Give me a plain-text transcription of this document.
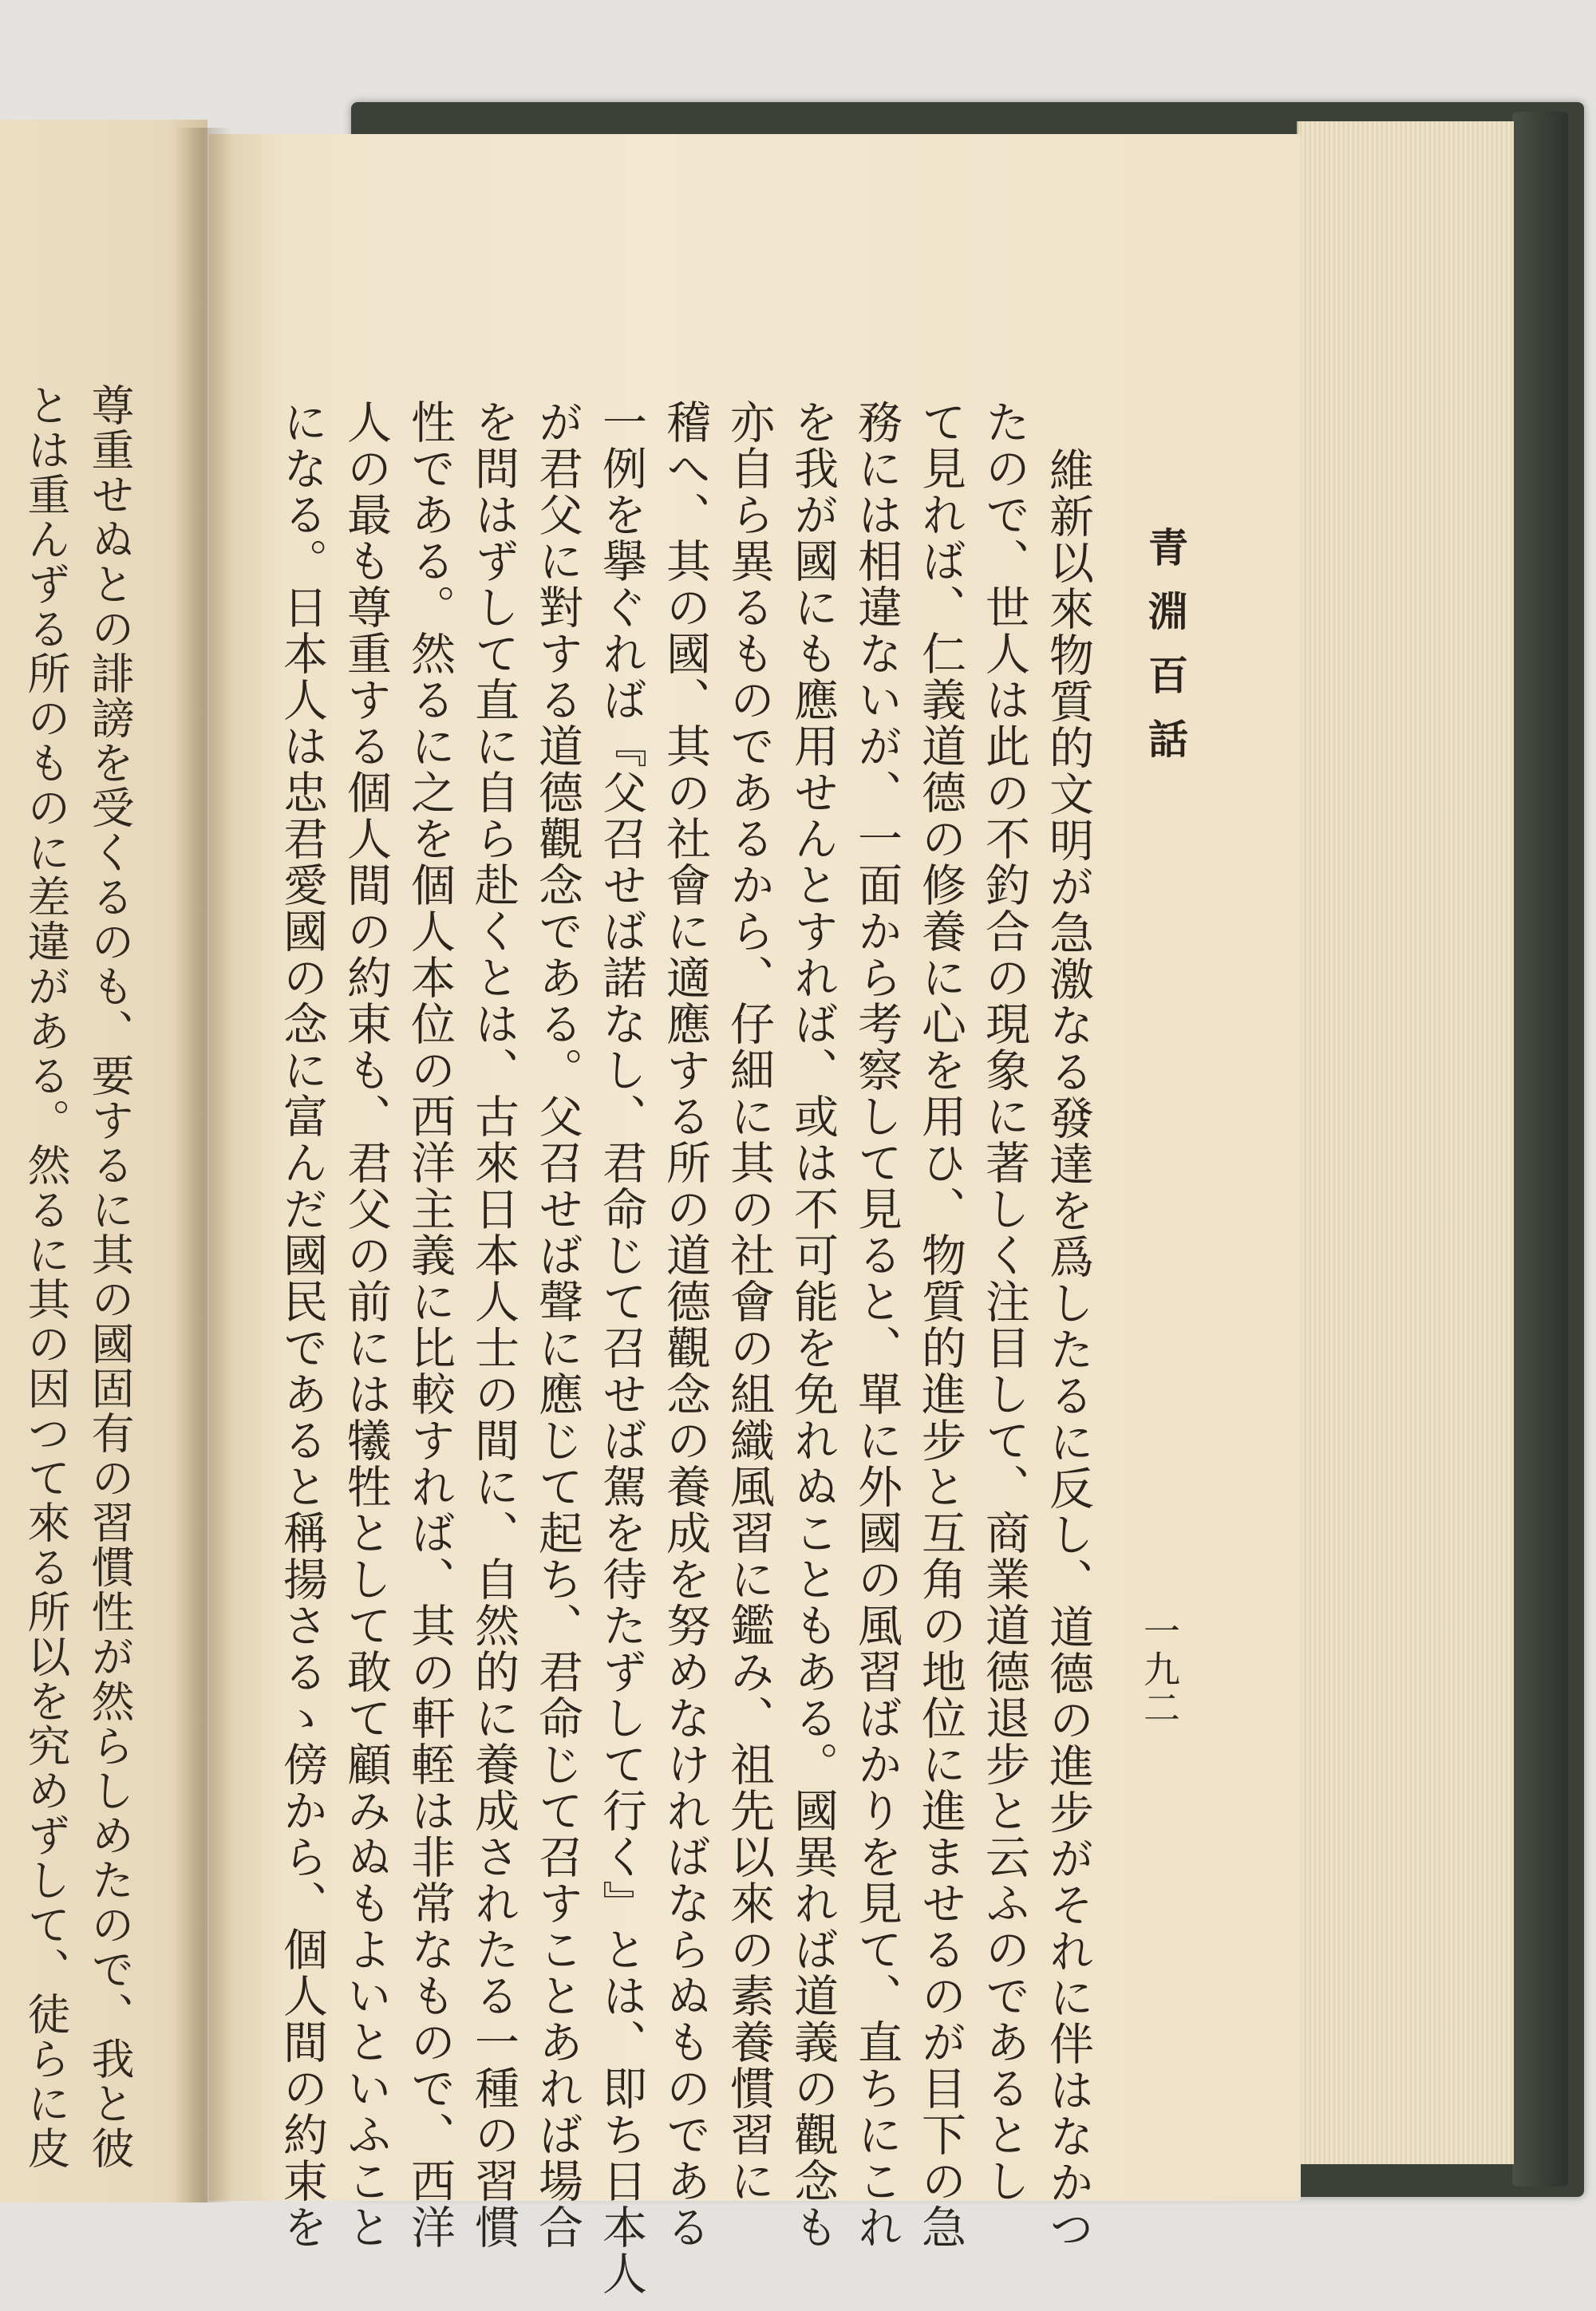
青淵百話
一九二
維新以來物質的文明が急激なる發達を爲したるに反し、道德の進步がそれに伴はなかつ
たので、世人は此の不釣合の現象に著しく注目して、商業道德退步と云ふのであるとし
て見れば、仁義道德の修養に心を用ひ、物質的進步と互角の地位に進ませるのが目下の急
務には相違ないが、一面から考察して見ると、單に外國の風習ばかりを見て、直ちにこれ
を我が國にも應用せんとすれば、或は不可能を免れぬこともある。國異れば道義の觀念も
亦自ら異るものであるから、仔細に其の社會の組織風習に鑑み、祖先以來の素養慣習に
稽へ、其の國、其の社會に適應する所の道德觀念の養成を努めなければならぬものである
一例を擧ぐれば『父召せば諾なし、君命じて召せば駕を待たずして行く』とは、即ち日本人
が君父に對する道德觀念である。父召せば聲に應じて起ち、君命じて召すことあれば場合
を問はずして直に自ら赴くとは、古來日本人士の間に、自然的に養成されたる一種の習慣
性である。然るに之を個人本位の西洋主義に比較すれば、其の軒輊は非常なもので、西洋
人の最も尊重する個人間の約束も、君父の前には犧牲として敢て顧みぬもよいといふこと
になる。日本人は忠君愛國の念に富んだ國民であると稱揚さるゝ傍から、個人間の約束を
尊重せぬとの誹謗を受くるのも、要するに其の國固有の習慣性が然らしめたので、我と彼
とは重んずる所のものに差違がある。然るに其の因つて來る所以を究めずして、徒らに皮
